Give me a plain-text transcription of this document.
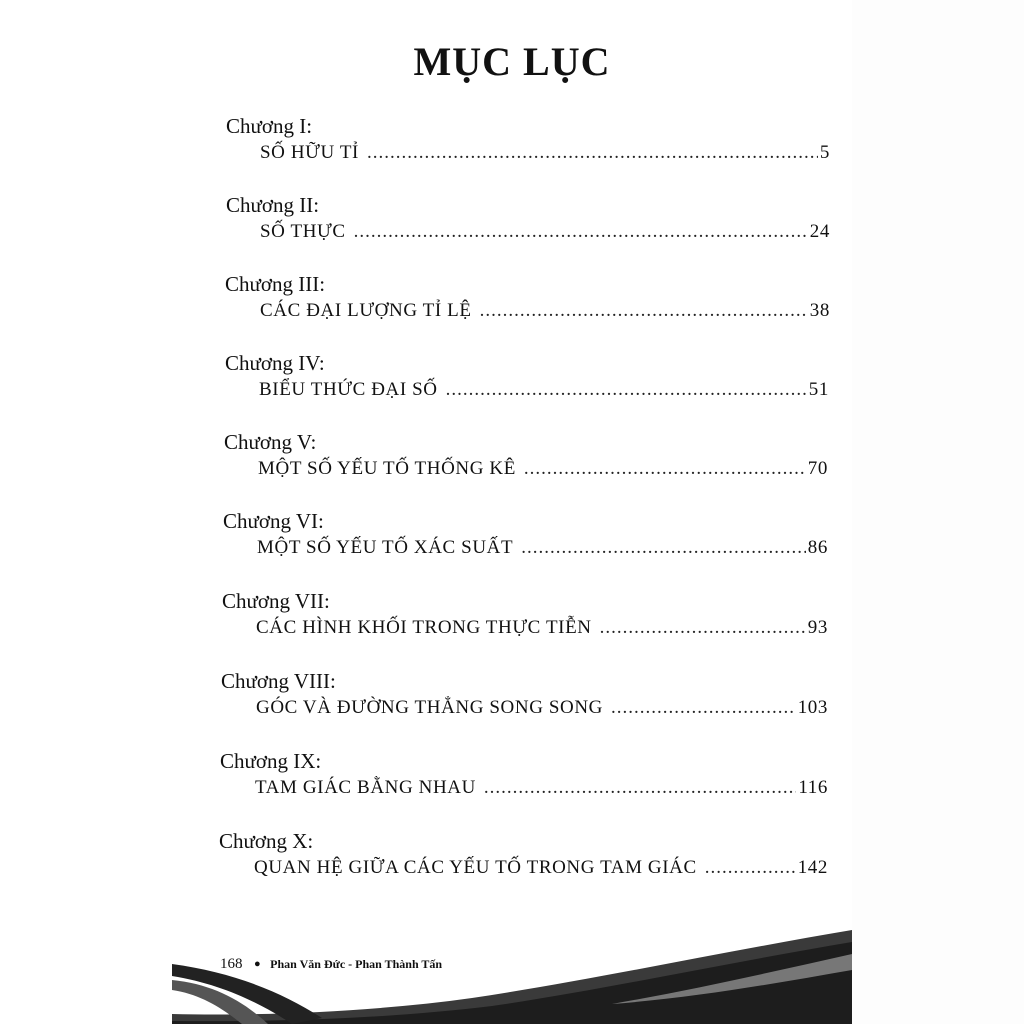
MỤC LỤC
Chương I:
SỐ HỮU TỈ .....	5
Chương II:
SỐ THỰC .....	24
Chương III:
CÁC ĐẠI LƯỢNG TỈ LỆ .....	38
Chương IV:
BIỂU THỨC ĐẠI SỐ .....	51
Chương V:
MỘT SỐ YẾU TỐ THỐNG KÊ .....	70
Chương VI:
MỘT SỐ YẾU TỐ XÁC SUẤT .....	86
Chương VII:
CÁC HÌNH KHỐI TRONG THỰC TIỄN .....	93
Chương VIII:
GÓC VÀ ĐƯỜNG THẲNG SONG SONG .....	103
Chương IX:
TAM GIÁC BẰNG NHAU .....	116
Chương X:
QUAN HỆ GIỮA CÁC YẾU TỐ TRONG TAM GIÁC .....	142
168 ● Phan Văn Đức - Phan Thành Tấn
